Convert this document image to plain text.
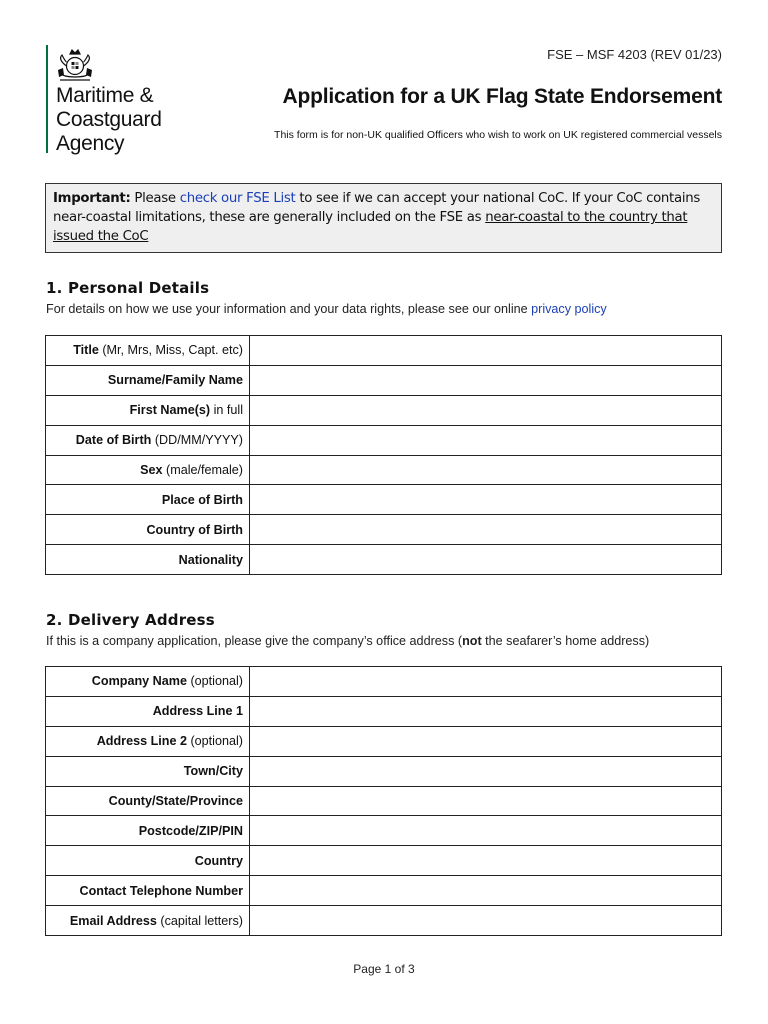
Maritime &
Coastguard
Agency
FSE – MSF 4203 (REV 01/23)
Application for a UK Flag State Endorsement
This form is for non-UK qualified Officers who wish to work on UK registered commercial vessels
Important: Please check our FSE List to see if we can accept your national CoC. If your CoC contains near-coastal limitations, these are generally included on the FSE as near-coastal to the country that issued the CoC
1. Personal Details
For details on how we use your information and your data rights, please see our online privacy policy
Title (Mr, Mrs, Miss, Capt. etc)	
Surname/Family Name	
First Name(s) in full	
Date of Birth (DD/MM/YYYY)	
Sex (male/female)	
Place of Birth	
Country of Birth	
Nationality	
2. Delivery Address
If this is a company application, please give the company’s office address (not the seafarer’s home address)
Company Name (optional)	
Address Line 1	
Address Line 2 (optional)	
Town/City	
County/State/Province	
Postcode/ZIP/PIN	
Country	
Contact Telephone Number	
Email Address (capital letters)	
Page 1 of 3
